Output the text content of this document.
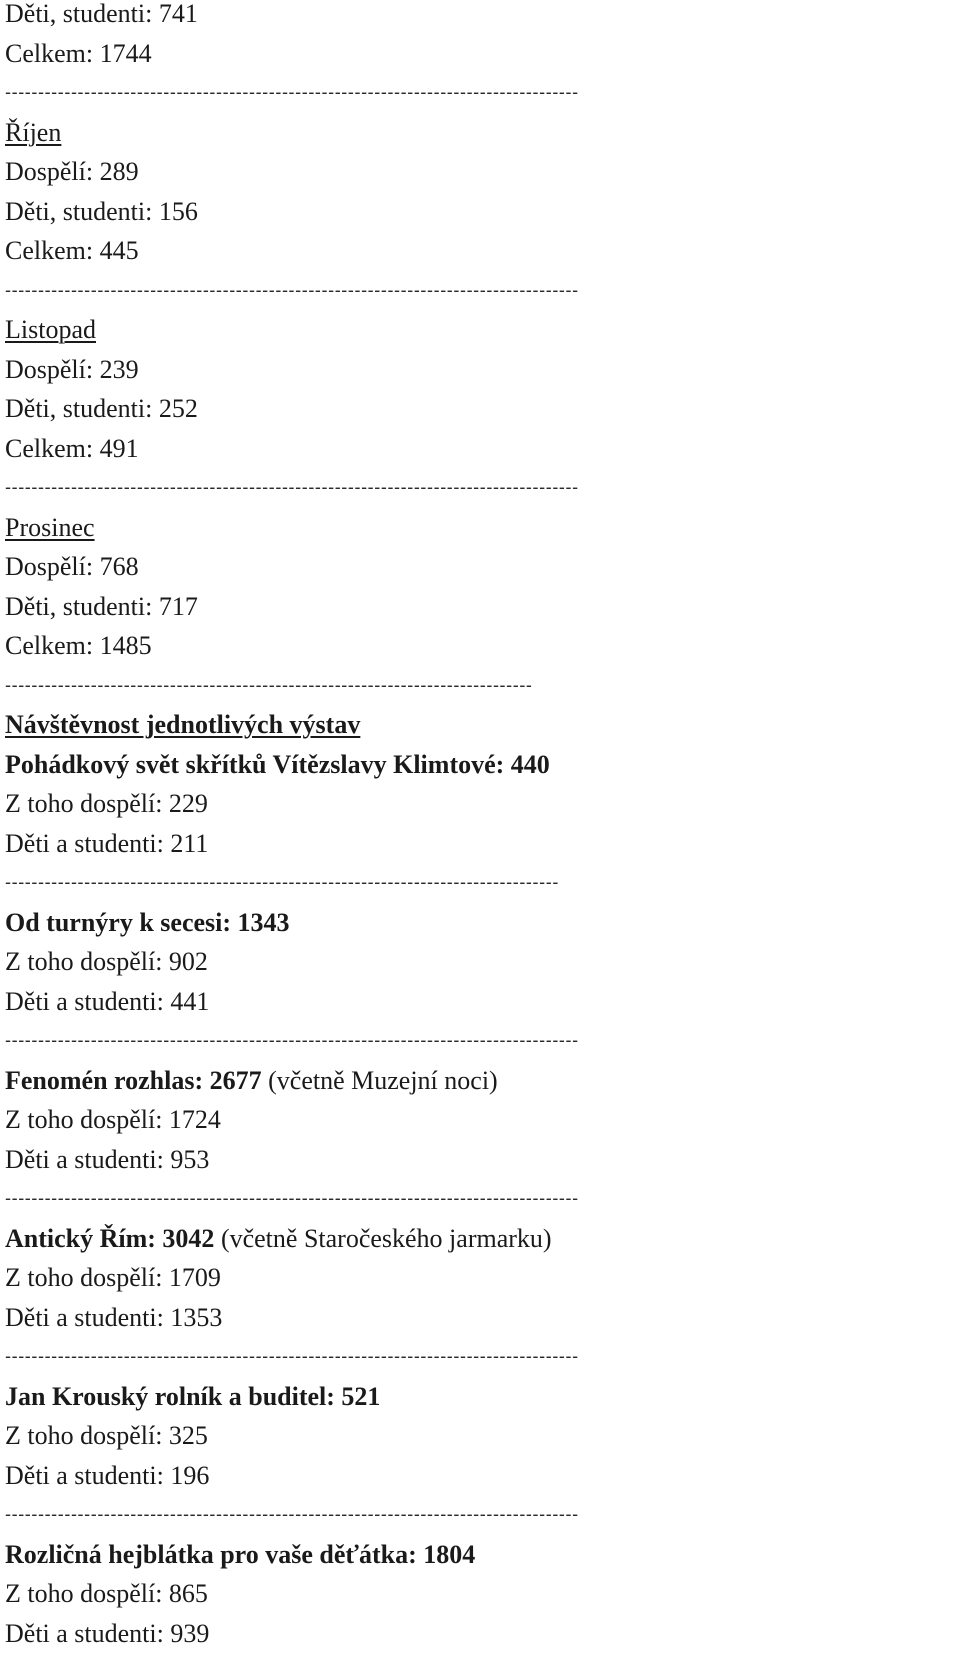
Děti, studenti: 741
Celkem: 1744
---------------------------------------------------------------------------------------
Říjen
Dospělí: 289
Děti, studenti: 156
Celkem: 445
---------------------------------------------------------------------------------------
Listopad
Dospělí: 239
Děti, studenti: 252
Celkem: 491
---------------------------------------------------------------------------------------
Prosinec
Dospělí: 768
Děti, studenti: 717
Celkem: 1485
--------------------------------------------------------------------------------
Návštěvnost jednotlivých výstav
Pohádkový svět skřítků Vítězslavy Klimtové: 440
Z toho dospělí: 229
Děti a studenti: 211
------------------------------------------------------------------------------------
Od turnýry k secesi: 1343
Z toho dospělí: 902
Děti a studenti: 441
---------------------------------------------------------------------------------------
Fenomén rozhlas: 2677 (včetně Muzejní noci)
Z toho dospělí: 1724
Děti a studenti: 953
---------------------------------------------------------------------------------------
Antický Řím: 3042 (včetně Staročeského jarmarku)
Z toho dospělí: 1709
Děti a studenti: 1353
---------------------------------------------------------------------------------------
Jan Krouský rolník a buditel: 521
Z toho dospělí: 325
Děti a studenti: 196
---------------------------------------------------------------------------------------
Rozličná hejblátka pro vaše děťátka: 1804
Z toho dospělí: 865
Děti a studenti: 939
